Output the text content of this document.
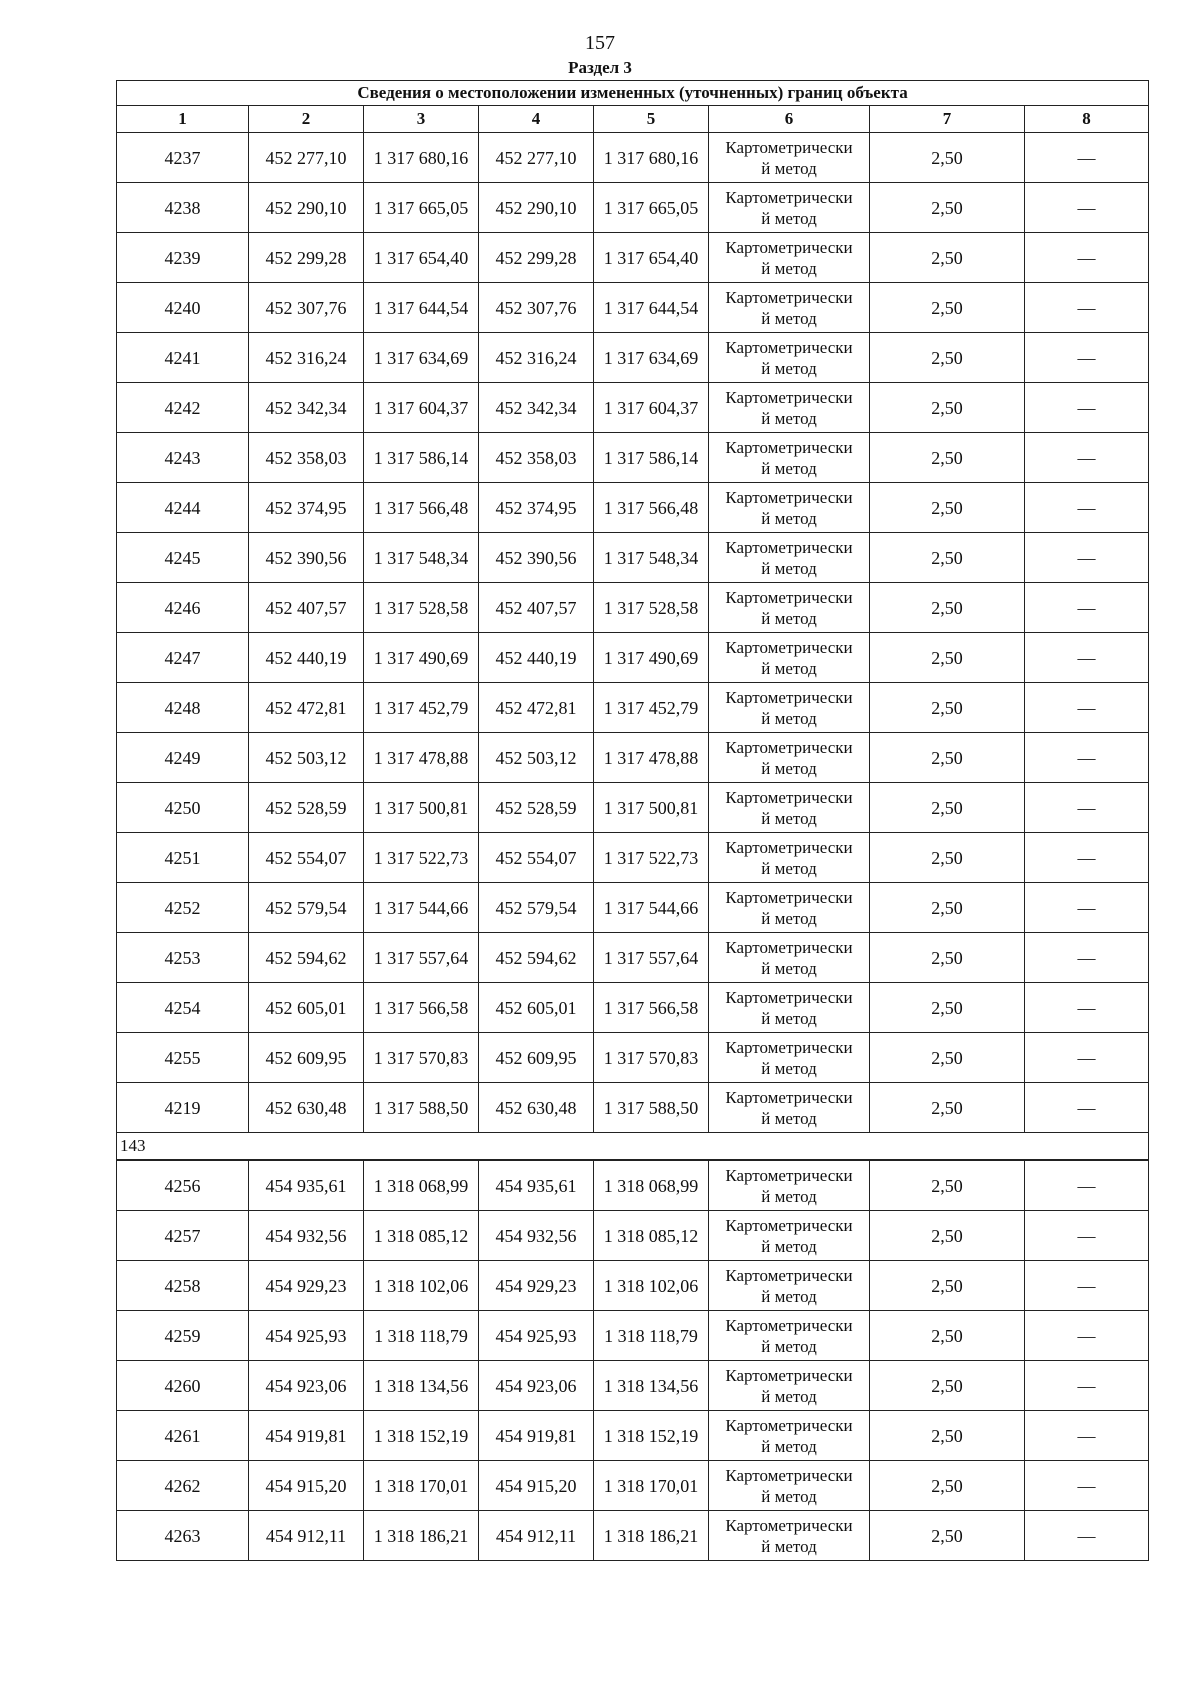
157
Раздел 3
Сведения о местоположении измененных (уточненных) границ объекта							
1	2	3	4	5	6	7	8
4237	452 277,10	1 317 680,16	452 277,10	1 317 680,16	Картометрически
й метод	2,50	—
4238	452 290,10	1 317 665,05	452 290,10	1 317 665,05	Картометрически
й метод	2,50	—
4239	452 299,28	1 317 654,40	452 299,28	1 317 654,40	Картометрически
й метод	2,50	—
4240	452 307,76	1 317 644,54	452 307,76	1 317 644,54	Картометрически
й метод	2,50	—
4241	452 316,24	1 317 634,69	452 316,24	1 317 634,69	Картометрически
й метод	2,50	—
4242	452 342,34	1 317 604,37	452 342,34	1 317 604,37	Картометрически
й метод	2,50	—
4243	452 358,03	1 317 586,14	452 358,03	1 317 586,14	Картометрически
й метод	2,50	—
4244	452 374,95	1 317 566,48	452 374,95	1 317 566,48	Картометрически
й метод	2,50	—
4245	452 390,56	1 317 548,34	452 390,56	1 317 548,34	Картометрически
й метод	2,50	—
4246	452 407,57	1 317 528,58	452 407,57	1 317 528,58	Картометрически
й метод	2,50	—
4247	452 440,19	1 317 490,69	452 440,19	1 317 490,69	Картометрически
й метод	2,50	—
4248	452 472,81	1 317 452,79	452 472,81	1 317 452,79	Картометрически
й метод	2,50	—
4249	452 503,12	1 317 478,88	452 503,12	1 317 478,88	Картометрически
й метод	2,50	—
4250	452 528,59	1 317 500,81	452 528,59	1 317 500,81	Картометрически
й метод	2,50	—
4251	452 554,07	1 317 522,73	452 554,07	1 317 522,73	Картометрически
й метод	2,50	—
4252	452 579,54	1 317 544,66	452 579,54	1 317 544,66	Картометрически
й метод	2,50	—
4253	452 594,62	1 317 557,64	452 594,62	1 317 557,64	Картометрически
й метод	2,50	—
4254	452 605,01	1 317 566,58	452 605,01	1 317 566,58	Картометрически
й метод	2,50	—
4255	452 609,95	1 317 570,83	452 609,95	1 317 570,83	Картометрически
й метод	2,50	—
4219	452 630,48	1 317 588,50	452 630,48	1 317 588,50	Картометрически
й метод	2,50	—
143							
4256	454 935,61	1 318 068,99	454 935,61	1 318 068,99	Картометрически
й метод	2,50	—
4257	454 932,56	1 318 085,12	454 932,56	1 318 085,12	Картометрически
й метод	2,50	—
4258	454 929,23	1 318 102,06	454 929,23	1 318 102,06	Картометрически
й метод	2,50	—
4259	454 925,93	1 318 118,79	454 925,93	1 318 118,79	Картометрически
й метод	2,50	—
4260	454 923,06	1 318 134,56	454 923,06	1 318 134,56	Картометрически
й метод	2,50	—
4261	454 919,81	1 318 152,19	454 919,81	1 318 152,19	Картометрически
й метод	2,50	—
4262	454 915,20	1 318 170,01	454 915,20	1 318 170,01	Картометрически
й метод	2,50	—
4263	454 912,11	1 318 186,21	454 912,11	1 318 186,21	Картометрически
й метод	2,50	—
